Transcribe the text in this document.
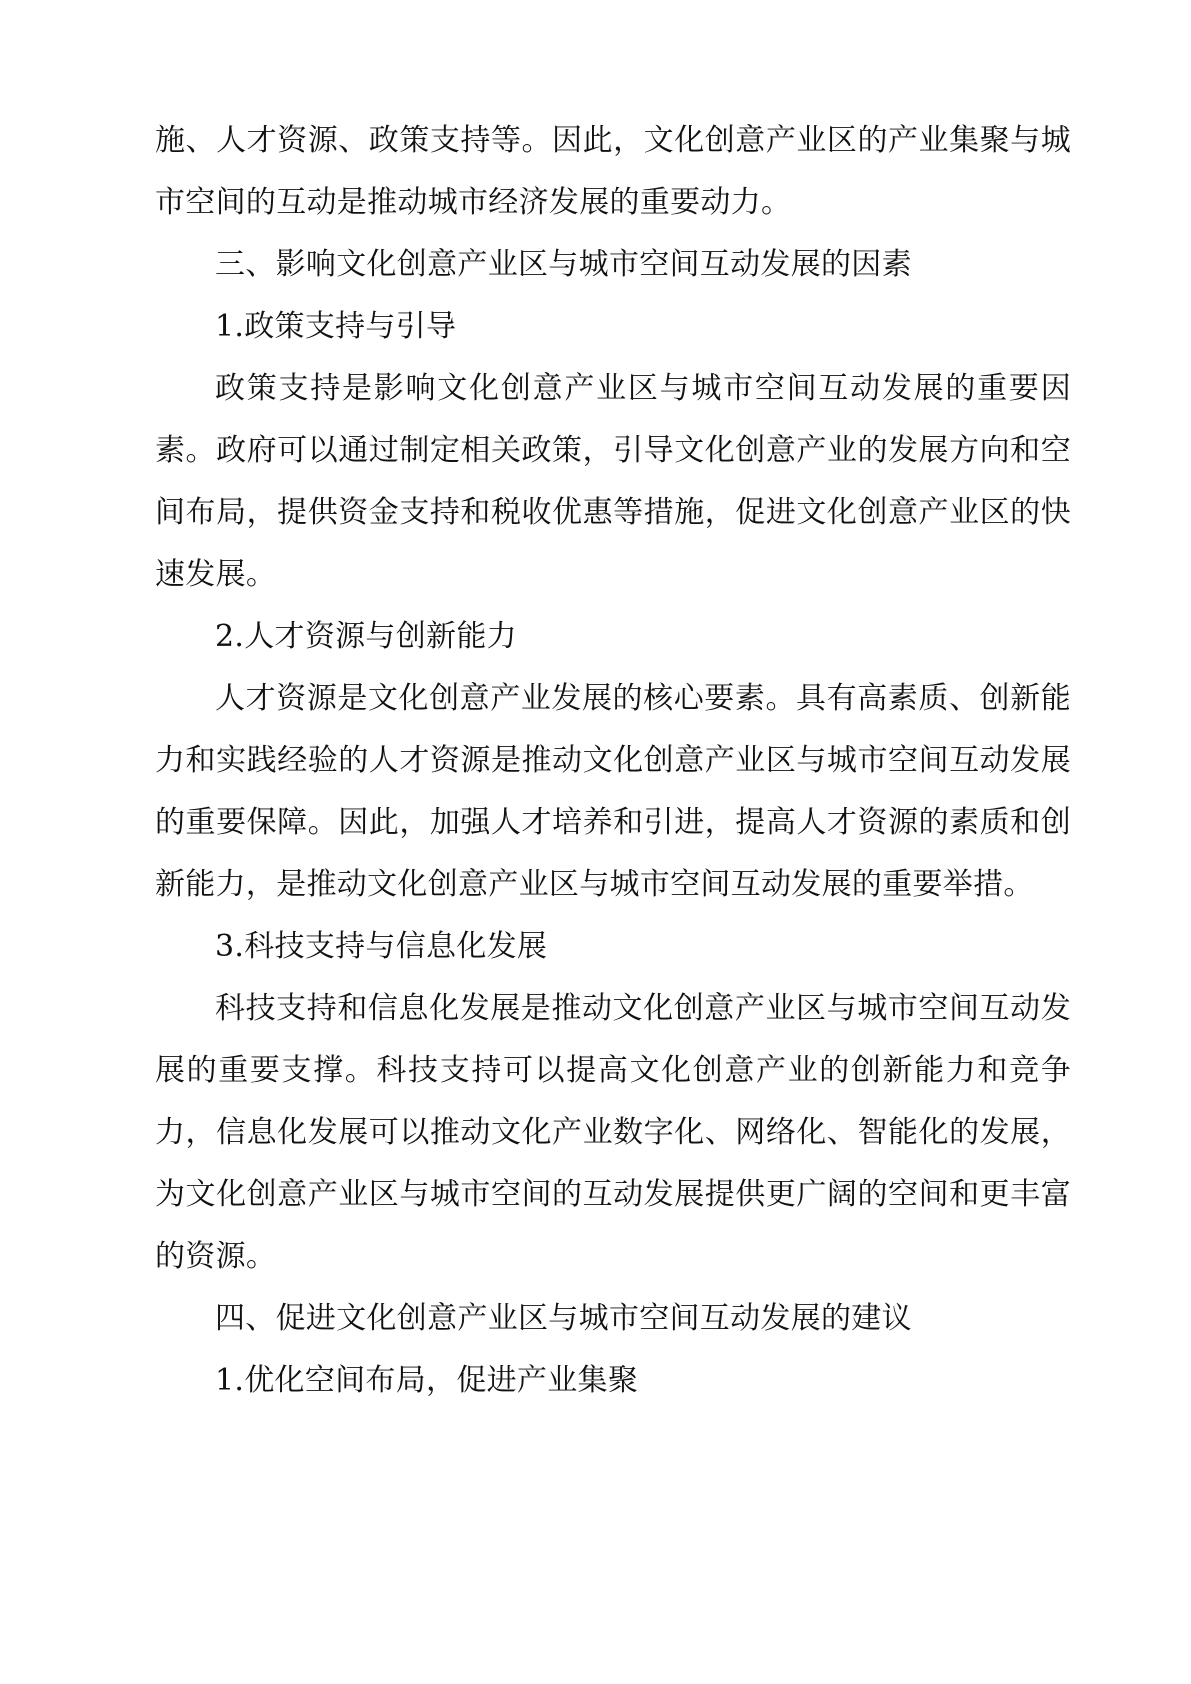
施、人才资源、政策支持等。因此，文化创意产业区的产业集聚与城市空间的互动是推动城市经济发展的重要动力。

三、影响文化创意产业区与城市空间互动发展的因素

1.政策支持与引导

政策支持是影响文化创意产业区与城市空间互动发展的重要因素。政府可以通过制定相关政策，引导文化创意产业的发展方向和空间布局，提供资金支持和税收优惠等措施，促进文化创意产业区的快速发展。

2.人才资源与创新能力

人才资源是文化创意产业发展的核心要素。具有高素质、创新能力和实践经验的人才资源是推动文化创意产业区与城市空间互动发展的重要保障。因此，加强人才培养和引进，提高人才资源的素质和创新能力，是推动文化创意产业区与城市空间互动发展的重要举措。

3.科技支持与信息化发展

科技支持和信息化发展是推动文化创意产业区与城市空间互动发展的重要支撑。科技支持可以提高文化创意产业的创新能力和竞争力，信息化发展可以推动文化产业数字化、网络化、智能化的发展，为文化创意产业区与城市空间的互动发展提供更广阔的空间和更丰富的资源。

四、促进文化创意产业区与城市空间互动发展的建议

1.优化空间布局，促进产业集聚
